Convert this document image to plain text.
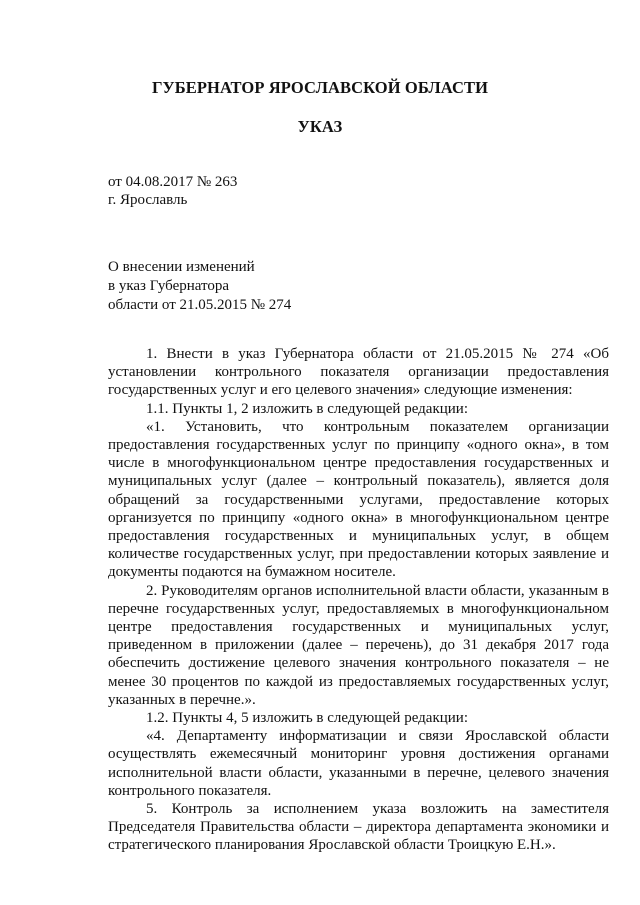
ГУБЕРНАТОР ЯРОСЛАВСКОЙ ОБЛАСТИ
УКАЗ
от 04.08.2017 № 263
г. Ярославль
О внесении изменений
в указ Губернатора
области от 21.05.2015 № 274

1. Внести в указ Губернатора области от 21.05.2015 № 274 «Об установлении контрольного показателя организации предоставления государственных услуг и его целевого значения» следующие изменения:

1.1. Пункты 1, 2 изложить в следующей редакции:

«1. Установить, что контрольным показателем организации предоставления государственных услуг по принципу «одного окна», в том числе в многофункциональном центре предоставления государственных и муниципальных услуг (далее – контрольный показатель), является доля обращений за государственными услугами, предоставление которых организуется по принципу «одного окна» в многофункциональном центре предоставления государственных и муниципальных услуг, в общем количестве государственных услуг, при предоставлении которых заявление и документы подаются на бумажном носителе.

2. Руководителям органов исполнительной власти области, указанным в перечне государственных услуг, предоставляемых в многофункциональном центре предоставления государственных и муниципальных услуг, приведенном в приложении (далее – перечень), до 31 декабря 2017 года обеспечить достижение целевого значения контрольного показателя – не менее 30 процентов по каждой из предоставляемых государственных услуг, указанных в перечне.».

1.2. Пункты 4, 5 изложить в следующей редакции:

«4. Департаменту информатизации и связи Ярославской области осуществлять ежемесячный мониторинг уровня достижения органами исполнительной власти области, указанными в перечне, целевого значения контрольного показателя.

5. Контроль за исполнением указа возложить на заместителя Председателя Правительства области – директора департамента экономики и стратегического планирования Ярославской области Троицкую Е.Н.».
